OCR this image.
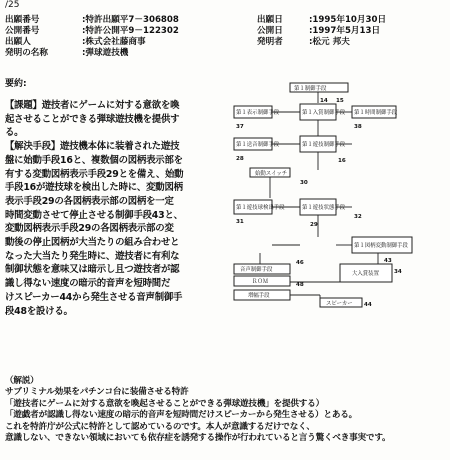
/25
出願番号	:特許出願平7－306808	出願日	:1995年10月30日
公開番号	:特許公開平9－122302	公開日	:1997年5月13日
出願人	:株式会社藤商事	発明者	:松元 邦夫
発明の名称	:弾球遊技機
要約:

【課題】遊技者にゲームに対する意欲を喚

起させることができる弾球遊技機を提供す

る。

【解決手段】遊技機本体に装着された遊技

盤に始動手段16と、複数個の図柄表示部を

有する変動図柄表示手段29とを備え、始動

手段16が遊技球を検出した時に、変動図柄

表示手段29の各図柄表示部の図柄を一定

時間変動させて停止させる制御手段43と、

変動図柄表示手段29の各図柄表示部の変

動後の停止図柄が大当たりの組み合わせと

なった大当たり発生時に、遊技者に有利な

制御状態を意味又は暗示し且つ遊技者が認

識し得ない速度の暗示的音声を短時間だ

けスピーカー44から発生させる音声制御手

段48を設ける。

第１制御手段
第１表示制御手段	第１入賞制御手段 第１時間制御手段
第１送音制御手段	第１遊技制御手段
始動スイッチ
第１遊技球検出手段	第１遊技状態手段
第１図柄変動制御手段
音声制御手段
ＲＯＭ
増幅手段
大入賞装置
スピーカー
14 15
37	38
16
28
30
31	29
32
43
46
34
48
44

（解説）

サブリミナル効果をパチンコ台に装備させる特許

「遊技者にゲームに対する意欲を喚起させることができる弾球遊技機」を提供する）

「遊戯者が認識し得ない速度の暗示的音声を短時間だけスピーカーから発生させる）とある。

これを特許庁が公式に特許として認めているのです。本人が意識するだけでなく、

意識しない、できない領域においても依存症を誘発する操作が行われていると言う驚くべき事実です。
